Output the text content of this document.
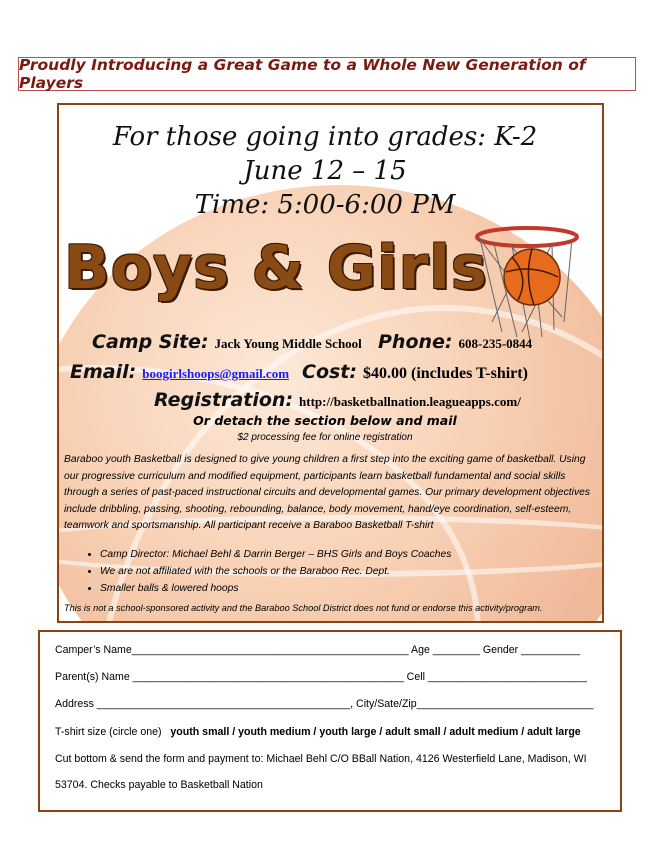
Proudly Introducing a Great Game to a Whole New Generation of Players
For those going into grades: K-2
June 12 – 15
Time: 5:00-6:00 PM
Boys & Girls
Camp Site: Jack Young Middle School Phone: 608-235-0844
Email: boogirlshoops@gmail.com Cost: $40.00 (includes T-shirt)
Registration: http://basketballnation.leagueapps.com/
Or detach the section below and mail
$2 processing fee for online registration
Baraboo youth Basketball is designed to give young children a first step into the exciting game of basketball. Using our progressive curriculum and modified equipment, participants learn basketball fundamental and social skills through a series of past-paced instructional circuits and developmental games. Our primary development objectives include dribbling, passing, shooting, rebounding, balance, body movement, hand/eye coordination, self-esteem, teamwork and sportsmanship. All participant receive a Baraboo Basketball T-shirt
• Camp Director: Michael Behl & Darrin Berger – BHS Girls and Boys Coaches
• We are not affiliated with the schools or the Baraboo Rec. Dept.
• Smaller balls & lowered hoops
This is not a school-sponsored activity and the Baraboo School District does not fund or endorse this activity/program.
Camper’s Name_______________________________________________ Age ________ Gender __________
Parent(s) Name ______________________________________________ Cell ___________________________
Address ___________________________________________, City/Sate/Zip______________________________
T-shirt size (circle one) youth small / youth medium / youth large / adult small / adult medium / adult large
Cut bottom & send the form and payment to: Michael Behl C/O BBall Nation, 4126 Westerfield Lane, Madison, WI
53704. Checks payable to Basketball Nation
